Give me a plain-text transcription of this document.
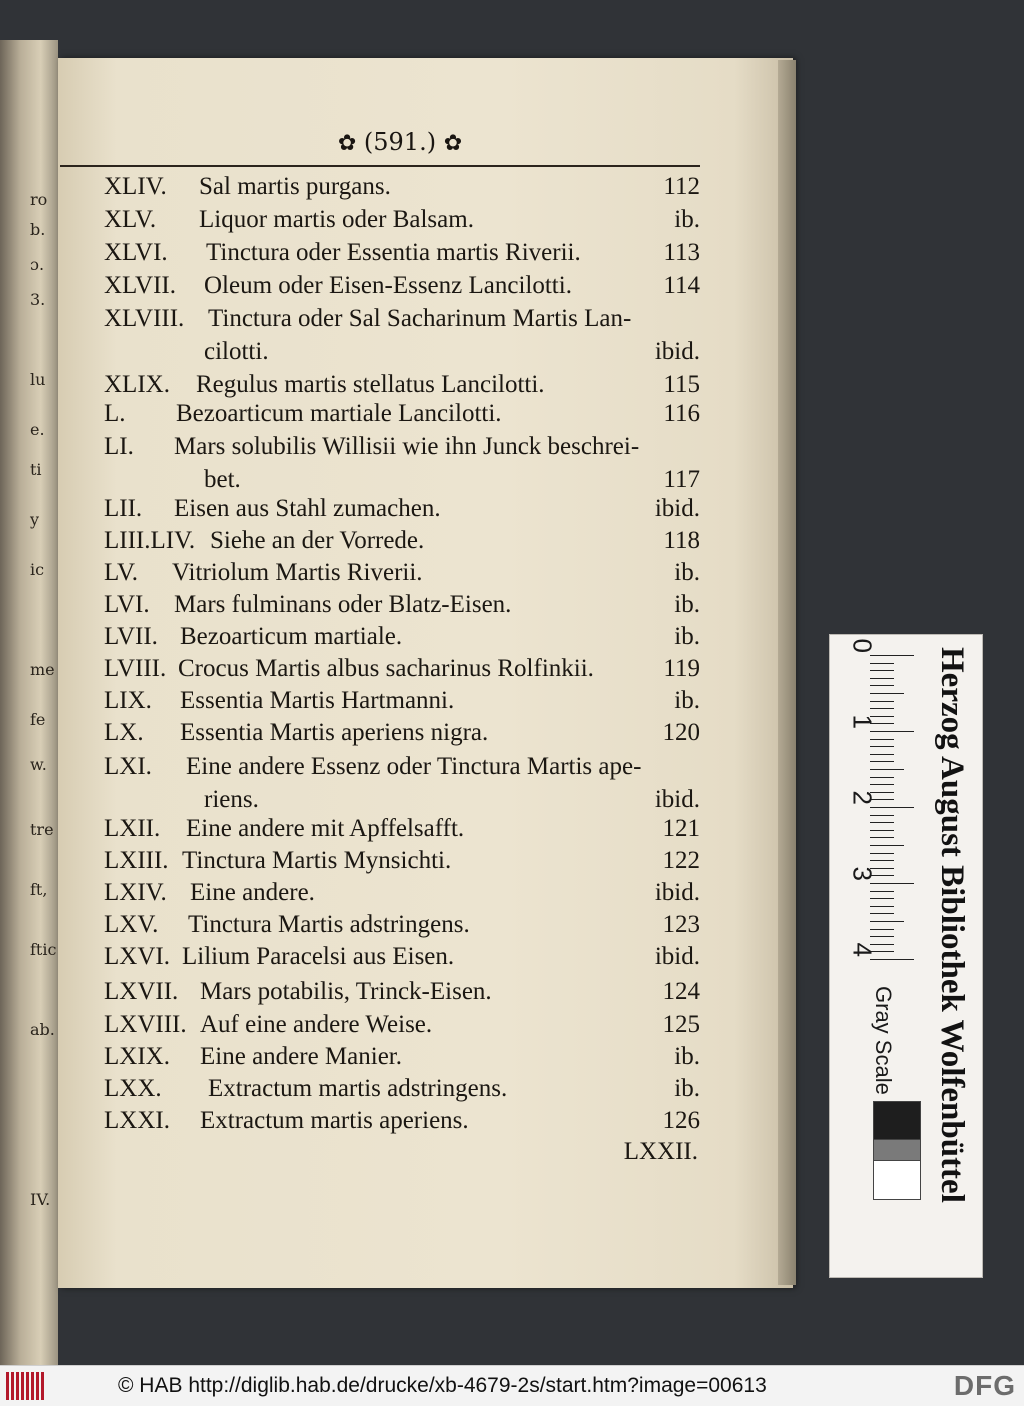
ro
b.
ɔ.
3.
lu
e.
ti
y
ic
me
fe
w.
tre
ft,
ftic
ab.
IV.
✿ (591.) ✿
XLIV. Sal martis purgans.	112
XLV. Liquor martis oder Balsam.	ib.
XLVI. Tinctura oder Essentia martis Riverii.	113
XLVII. Oleum oder Eisen-Essenz Lancilotti.	114
XLVIII. Tinctura oder Sal Sacharinum Martis Lan-
cilotti.	ibid.
XLIX. Regulus martis stellatus Lancilotti.	115
L. Bezoarticum martiale Lancilotti.	116
LI. Mars solubilis Willisii wie ihn Junck beschrei-
bet.	117
LII. Eisen aus Stahl zumachen.	ibid.
LIII.LIV. Siehe an der Vorrede.	118
LV. Vitriolum Martis Riverii.	ib.
LVI. Mars fulminans oder Blatz-Eisen.	ib.
LVII. Bezoarticum martiale.	ib.
LVIII. Crocus Martis albus sacharinus Rolfinkii.	119
LIX. Essentia Martis Hartmanni.	ib.
LX. Essentia Martis aperiens nigra.	120
LXI. Eine andere Essenz oder Tinctura Martis ape-
riens.	ibid.
LXII. Eine andere mit Apffelsafft.	121
LXIII. Tinctura Martis Mynsichti.	122
LXIV. Eine andere.	ibid.
LXV. Tinctura Martis adstringens.	123
LXVI. Lilium Paracelsi aus Eisen.	ibid.
LXVII. Mars potabilis, Trinck-Eisen.	124
LXVIII. Auf eine andere Weise.	125
LXIX. Eine andere Manier.	ib.
LXX. Extractum martis adstringens.	ib.
LXXI. Extractum martis aperiens.	126
LXXII.	Herzog August Bibliothek Wolfenbüttel
0
1
2
3
4
Gray Scale
© HAB http://diglib.hab.de/drucke/xb-4679-2s/start.htm?image=00613	DFG
